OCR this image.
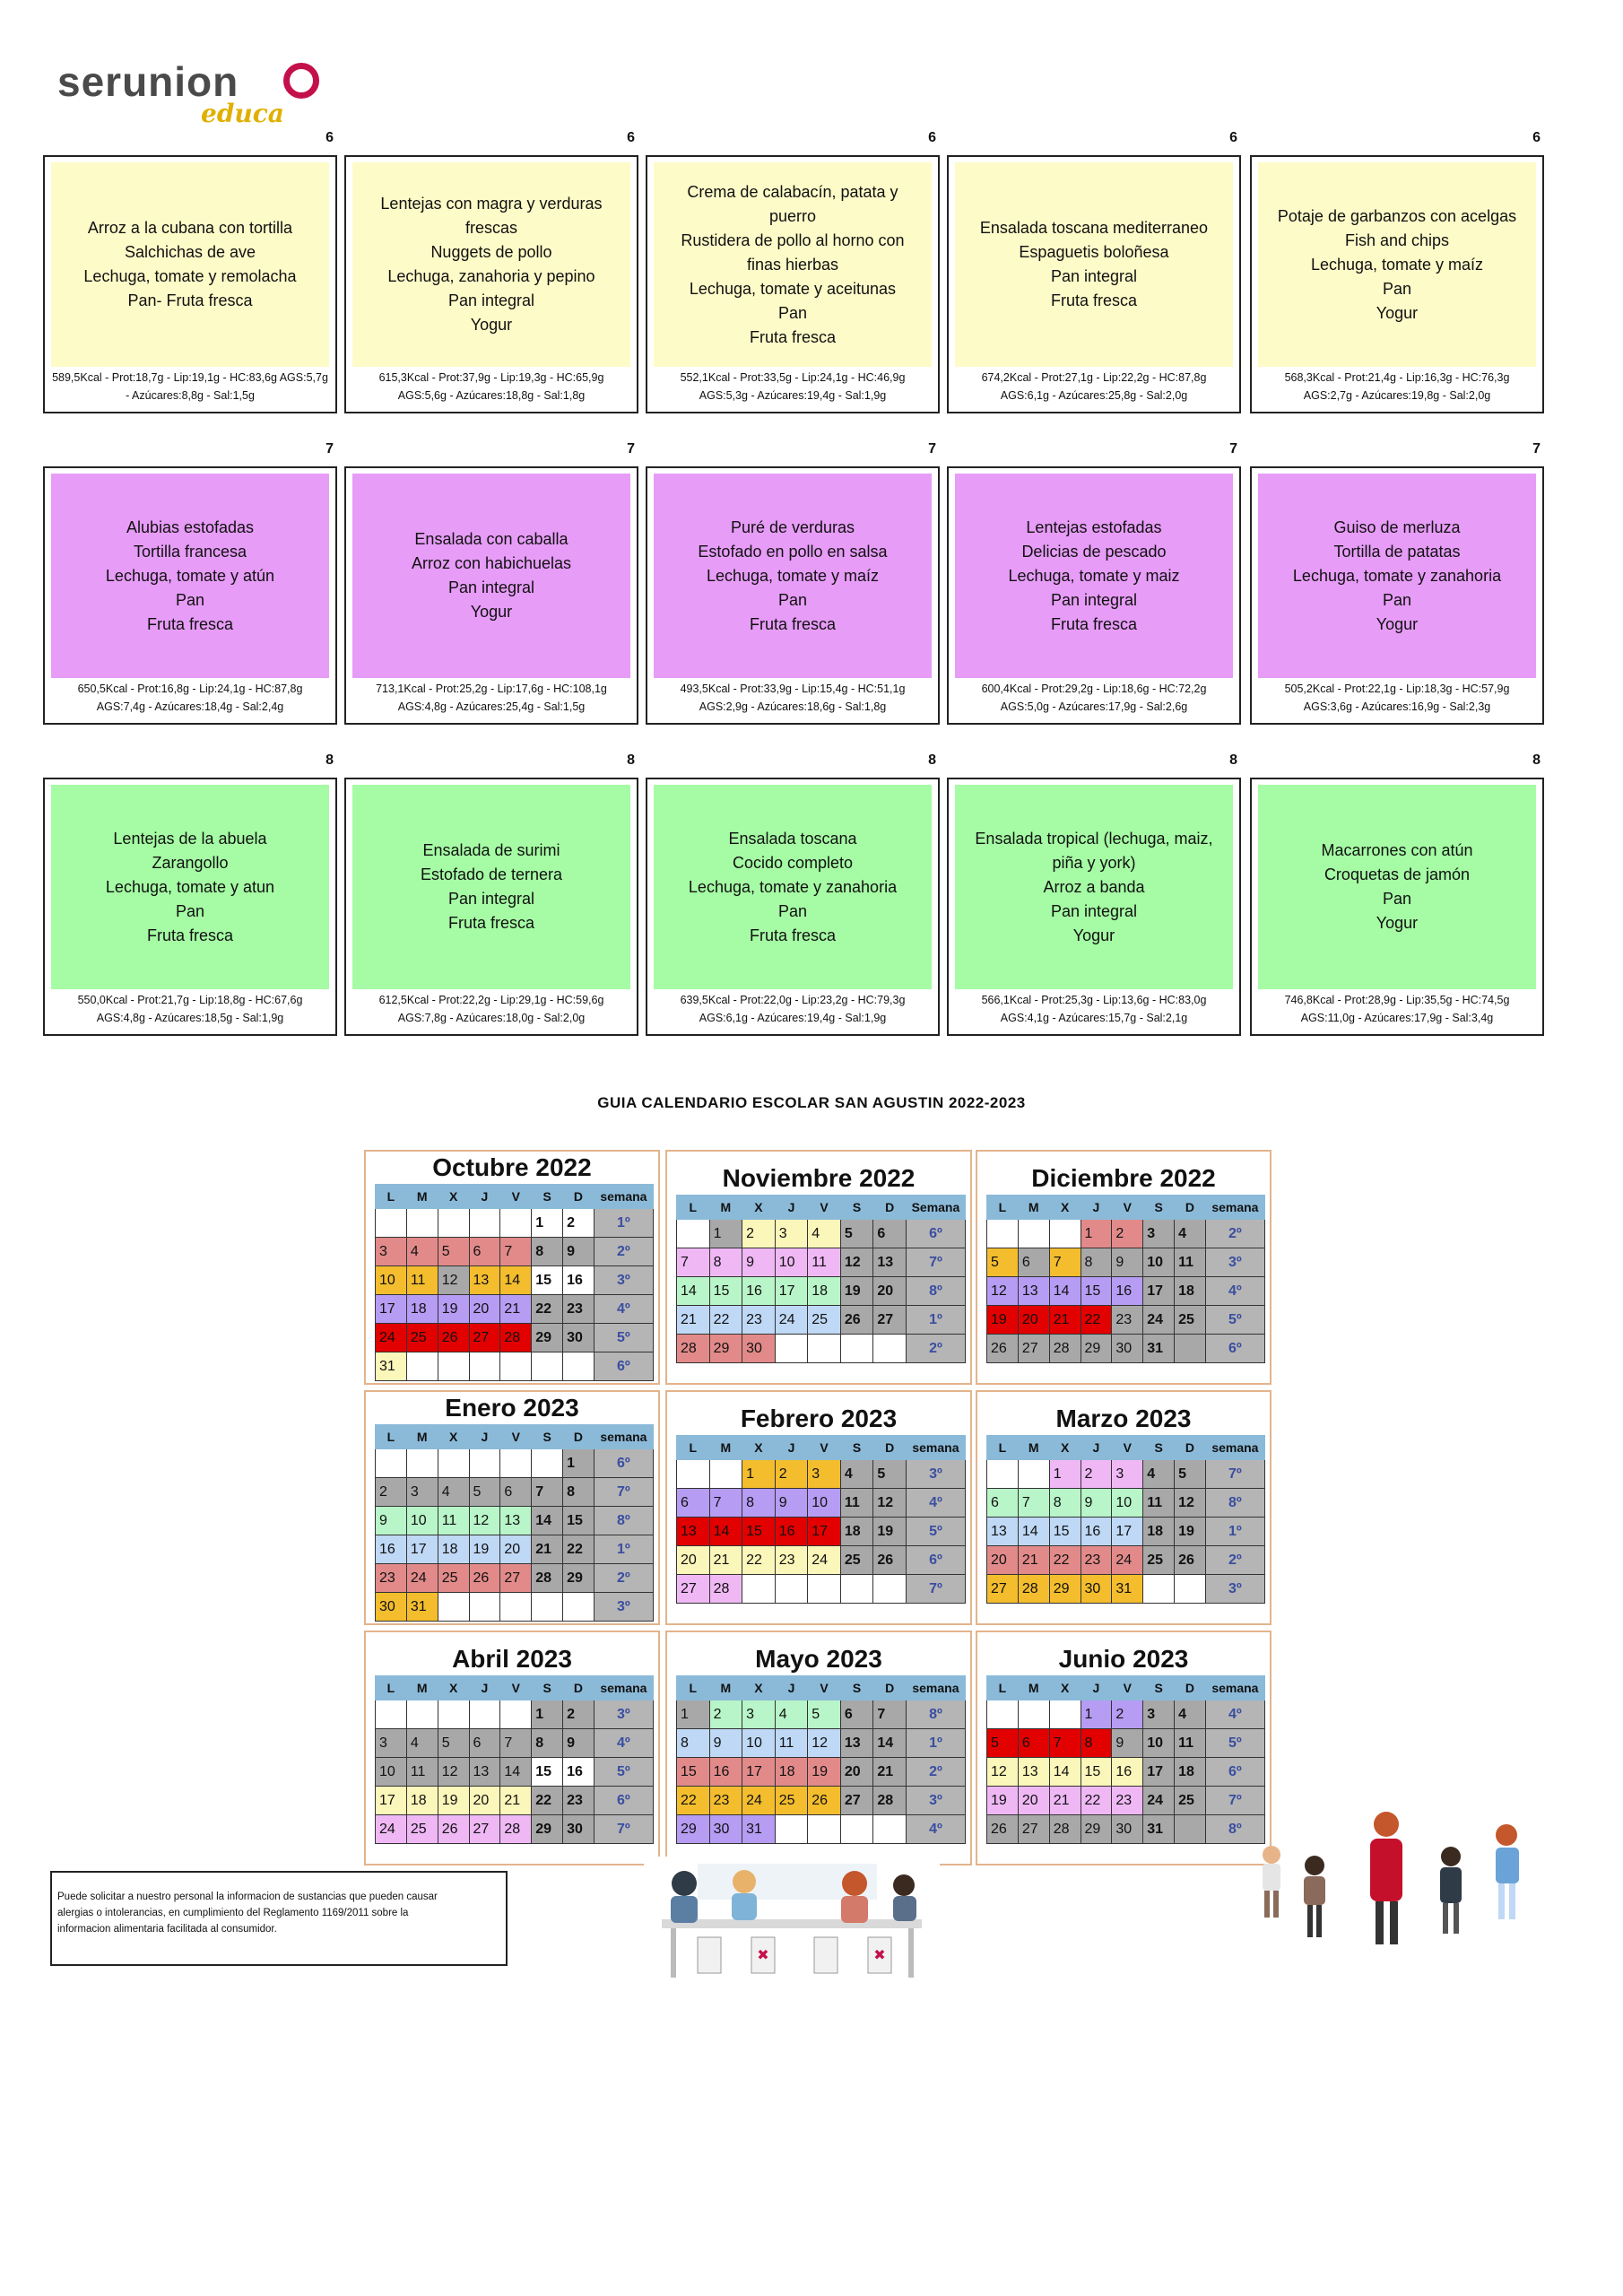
serunion
educa
6
Arroz a la cubana con tortilla
Salchichas de ave
Lechuga, tomate y remolacha
Pan- Fruta fresca
589,5Kcal - Prot:18,7g - Lip:19,1g - HC:83,6g AGS:5,7g
- Azúcares:8,8g - Sal:1,5g
6
Lentejas con magra y verduras
frescas
Nuggets de pollo
Lechuga, zanahoria y pepino
Pan integral
Yogur
615,3Kcal - Prot:37,9g - Lip:19,3g - HC:65,9g
AGS:5,6g - Azúcares:18,8g - Sal:1,8g
6
Crema de calabacín, patata y
puerro
Rustidera de pollo al horno con
finas hierbas
Lechuga, tomate y aceitunas
Pan
Fruta fresca
552,1Kcal - Prot:33,5g - Lip:24,1g - HC:46,9g
AGS:5,3g - Azúcares:19,4g - Sal:1,9g
6
Ensalada toscana mediterraneo
Espaguetis boloñesa
Pan integral
Fruta fresca
674,2Kcal - Prot:27,1g - Lip:22,2g - HC:87,8g
AGS:6,1g - Azúcares:25,8g - Sal:2,0g
6
Potaje de garbanzos con acelgas
Fish and chips
Lechuga, tomate y maíz
Pan
Yogur
568,3Kcal - Prot:21,4g - Lip:16,3g - HC:76,3g
AGS:2,7g - Azúcares:19,8g - Sal:2,0g
7
Alubias estofadas
Tortilla francesa
Lechuga, tomate y atún
Pan
Fruta fresca
650,5Kcal - Prot:16,8g - Lip:24,1g - HC:87,8g
AGS:7,4g - Azúcares:18,4g - Sal:2,4g
7
Ensalada con caballa
Arroz con habichuelas
Pan integral
Yogur
713,1Kcal - Prot:25,2g - Lip:17,6g - HC:108,1g
AGS:4,8g - Azúcares:25,4g - Sal:1,5g
7
Puré de verduras
Estofado en pollo en salsa
Lechuga, tomate y maíz
Pan
Fruta fresca
493,5Kcal - Prot:33,9g - Lip:15,4g - HC:51,1g
AGS:2,9g - Azúcares:18,6g - Sal:1,8g
7
Lentejas estofadas
Delicias de pescado
Lechuga, tomate y maiz
Pan integral
Fruta fresca
600,4Kcal - Prot:29,2g - Lip:18,6g - HC:72,2g
AGS:5,0g - Azúcares:17,9g - Sal:2,6g
7
Guiso de merluza
Tortilla de patatas
Lechuga, tomate y zanahoria
Pan
Yogur
505,2Kcal - Prot:22,1g - Lip:18,3g - HC:57,9g
AGS:3,6g - Azúcares:16,9g - Sal:2,3g
8
Lentejas de la abuela
Zarangollo
Lechuga, tomate y atun
Pan
Fruta fresca
550,0Kcal - Prot:21,7g - Lip:18,8g - HC:67,6g
AGS:4,8g - Azúcares:18,5g - Sal:1,9g
8
Ensalada de surimi
Estofado de ternera
Pan integral
Fruta fresca
612,5Kcal - Prot:22,2g - Lip:29,1g - HC:59,6g
AGS:7,8g - Azúcares:18,0g - Sal:2,0g
8
Ensalada toscana
Cocido completo
Lechuga, tomate y zanahoria
Pan
Fruta fresca
639,5Kcal - Prot:22,0g - Lip:23,2g - HC:79,3g
AGS:6,1g - Azúcares:19,4g - Sal:1,9g
8
Ensalada tropical (lechuga, maiz,
piña y york)
Arroz a banda
Pan integral
Yogur
566,1Kcal - Prot:25,3g - Lip:13,6g - HC:83,0g
AGS:4,1g - Azúcares:15,7g - Sal:2,1g
8
Macarrones con atún
Croquetas de jamón
Pan
Yogur
746,8Kcal - Prot:28,9g - Lip:35,5g - HC:74,5g
AGS:11,0g - Azúcares:17,9g - Sal:3,4g
GUIA CALENDARIO ESCOLAR SAN AGUSTIN 2022-2023
Octubre 2022
L	M	X	J	V	S	D	semana
					1	2	1º
3	4	5	6	7	8	9	2º
10	11	12	13	14	15	16	3º
17	18	19	20	21	22	23	4º
24	25	26	27	28	29	30	5º
31							6º
Noviembre 2022
L	M	X	J	V	S	D	Semana
	1	2	3	4	5	6	6º
7	8	9	10	11	12	13	7º
14	15	16	17	18	19	20	8º
21	22	23	24	25	26	27	1º
28	29	30					2º
Diciembre 2022
L	M	X	J	V	S	D	semana
			1	2	3	4	2º
5	6	7	8	9	10	11	3º
12	13	14	15	16	17	18	4º
19	20	21	22	23	24	25	5º
26	27	28	29	30	31		6º
Enero 2023
L	M	X	J	V	S	D	semana
						1	6º
2	3	4	5	6	7	8	7º
9	10	11	12	13	14	15	8º
16	17	18	19	20	21	22	1º
23	24	25	26	27	28	29	2º
30	31						3º
Febrero 2023
L	M	X	J	V	S	D	semana
		1	2	3	4	5	3º
6	7	8	9	10	11	12	4º
13	14	15	16	17	18	19	5º
20	21	22	23	24	25	26	6º
27	28						7º
Marzo 2023
L	M	X	J	V	S	D	semana
		1	2	3	4	5	7º
6	7	8	9	10	11	12	8º
13	14	15	16	17	18	19	1º
20	21	22	23	24	25	26	2º
27	28	29	30	31			3º
Abril 2023
L	M	X	J	V	S	D	semana
					1	2	3º
3	4	5	6	7	8	9	4º
10	11	12	13	14	15	16	5º
17	18	19	20	21	22	23	6º
24	25	26	27	28	29	30	7º
Mayo 2023
L	M	X	J	V	S	D	semana
1	2	3	4	5	6	7	8º
8	9	10	11	12	13	14	1º
15	16	17	18	19	20	21	2º
22	23	24	25	26	27	28	3º
29	30	31					4º
Junio 2023
L	M	X	J	V	S	D	semana
			1	2	3	4	4º
5	6	7	8	9	10	11	5º
12	13	14	15	16	17	18	6º
19	20	21	22	23	24	25	7º
26	27	28	29	30	31		8º
Puede solicitar a nuestro personal la informacion de sustancias que pueden causar
alergias o intolerancias, en cumplimiento del Reglamento 1169/2011 sobre la
informacion alimentaria facilitada al consumidor.
✖	✖
